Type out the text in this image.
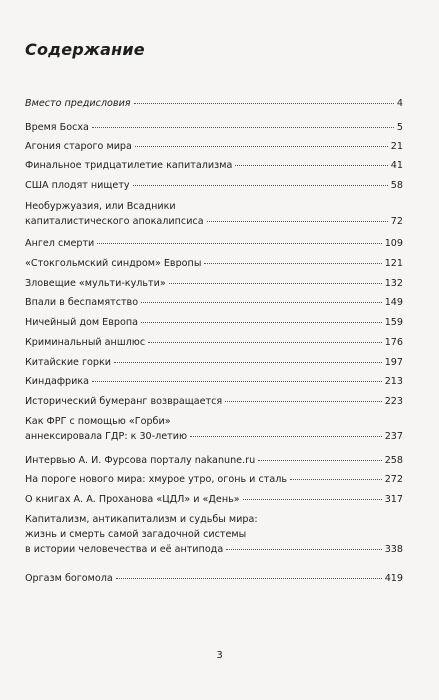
Содержание
Вместо предисловия	4
Время Босха	5
Агония старого мира	21
Финальное тридцатилетие капитализма	41
США плодят нищету	58
Необуржуазия, или Всадники
капиталистического апокалипсиса	72
Ангел смерти	109
«Стокгольмский синдром» Европы	121
Зловещие «мульти-культи»	132
Впали в беспамятство	149
Ничейный дом Европа	159
Криминальный аншлюс	176
Китайские горки	197
Киндафрика	213
Исторический бумеранг возвращается	223
Как ФРГ с помощью «Горби»
аннексировала ГДР: к 30-летию	237
Интервью А. И. Фурсова порталу nakanune.ru	258
На пороге нового мира: хмурое утро, огонь и сталь	272
О книгах А. А. Проханова «ЦДЛ» и «День»	317
Капитализм, антикапитализм и судьбы мира:
жизнь и смерть самой загадочной системы
в истории человечества и её антипода	338
Оргазм богомола	419
3
